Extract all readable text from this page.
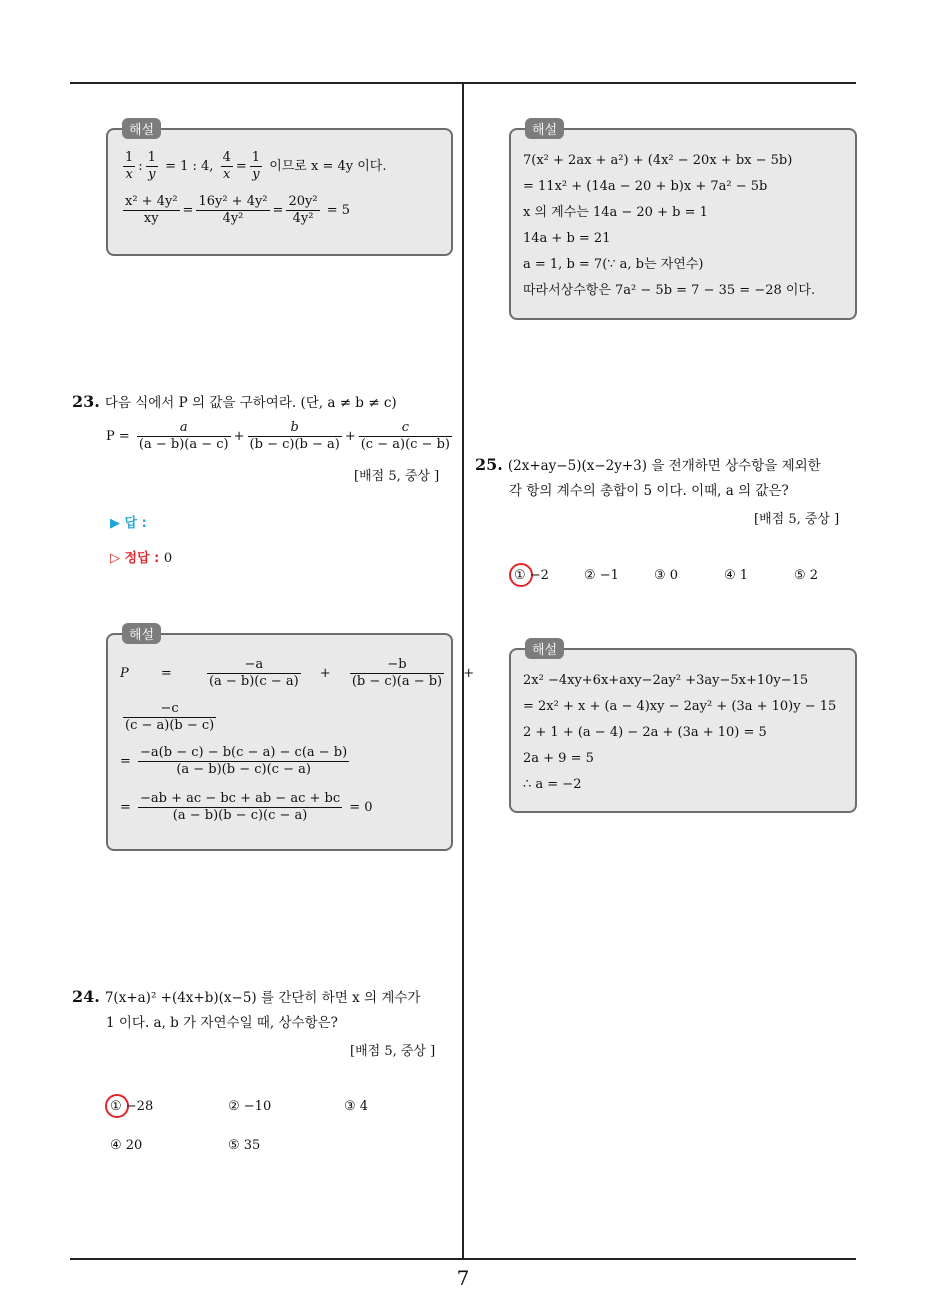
해설
$\frac{1}{x}$ : $\frac{1}{y} = 1$ : 4, $\frac{4}{x} = \frac{1}{y}$ 이므로 x = 4y 이다.
$\frac{\text{x² + 4y²}}{xy} = \frac{\text{16y² + 4y²}}{\text{4y²}} = \frac{\text{20y²}}{\text{4y²}} = 5$
해설
7(x² + 2ax + a²) + (4x² − 20x + bx − 5b)
= 11x² + (14a − 20 + b)x + 7a² − 5b
x 의 계수는 14a − 20 + b = 1
14a + b = 21
a = 1, b = 7(∵ a, b는 자연수)
따라서상수항은 7a² − 5b = 7 − 35 = −28 이다.
23. 다음 식에서 P 의 값을 구하여라. (단, a ≠ b ≠ c)
$P = \frac{a}{(a - b)(a - c)} + \frac{b}{(b - c)(b - a)} + \frac{c}{(c - a)(c - b)}$
[배점 5, 중상 ]
▶ 답 :
▷ 정답 : 0
해설
P =	$\frac{-a}{(a - b)(c - a)} + \frac{-b}{(b - c)(a - b)}$ +
$\frac{-c}{(c - a)(b - c)}$
= $\frac{-a(b - c) - b(c - a) - c(a - b)}{(a - b)(b - c)(c - a)}$
= $\frac{-ab + ac - bc + ab - ac + bc}{(a - b)(b - c)(c - a)} = 0$
24. 7(x+a)² +(4x+b)(x−5) 를 간단히 하면 x 의 계수가
1 이다. a, b 가 자연수일 때, 상수항은?
[배점 5, 중상 ]
① −28	② −10	③ 4
④ 20	⑤ 35
25. (2x+ay−5)(x−2y+3) 을 전개하면 상수항을 제외한
각 항의 계수의 총합이 5 이다. 이때, a 의 값은?
[배점 5, 중상 ]
① −2	② −1	③ 0	④ 1	⑤ 2
해설
2x² −4xy+6x+axy−2ay² +3ay−5x+10y−15
= 2x² + x + (a − 4)xy − 2ay² + (3a + 10)y − 15
2 + 1 + (a − 4) − 2a + (3a + 10) = 5
2a + 9 = 5
∴ a = −2
7
